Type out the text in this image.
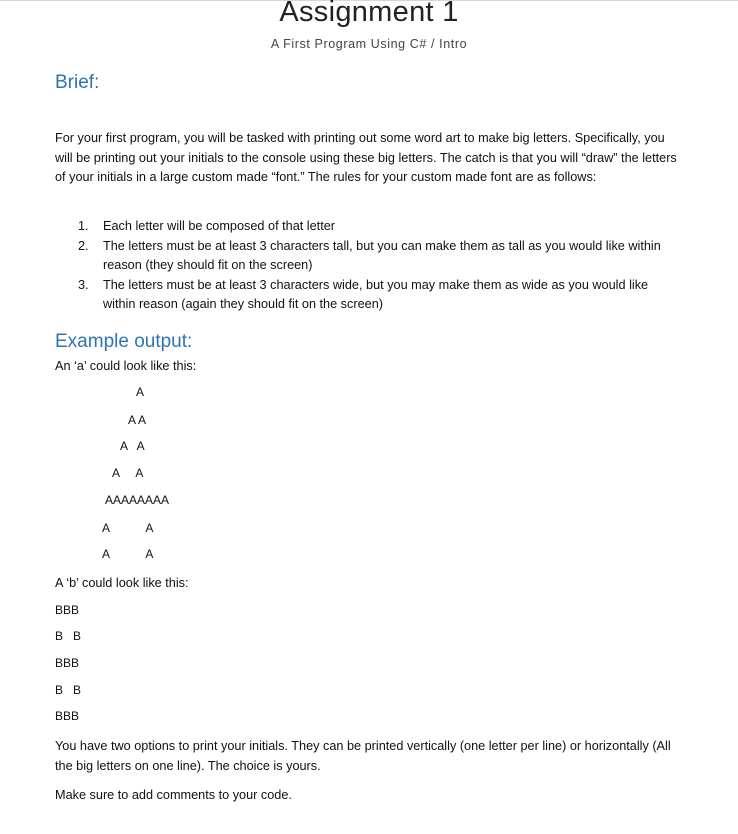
Assignment 1
A First Program Using C# / Intro
Brief:

For your first program, you will be tasked with printing out some word art to make big letters. Specifically, you will be printing out your initials to the console using these big letters. The catch is that you will “draw” the letters of your initials in a large custom made “font.” The rules for your custom made font are as follows:

1. Each letter will be composed of that letter
2. The letters must be at least 3 characters tall, but you can make them as tall as you would like within reason (they should fit on the screen)
3. The letters must be at least 3 characters wide, but you may make them as wide as you would like within reason (again they should fit on the screen)
Example output:
An ‘a’ could look like this:
A
A A
A   A
A     A
AAAAAAAA
A           A
A           A
A ‘b’ could look like this:
BBB
B   B
BBB
B   B
BBB

You have two options to print your initials. They can be printed vertically (one letter per line) or horizontally (All the big letters on one line). The choice is yours.

Make sure to add comments to your code.
